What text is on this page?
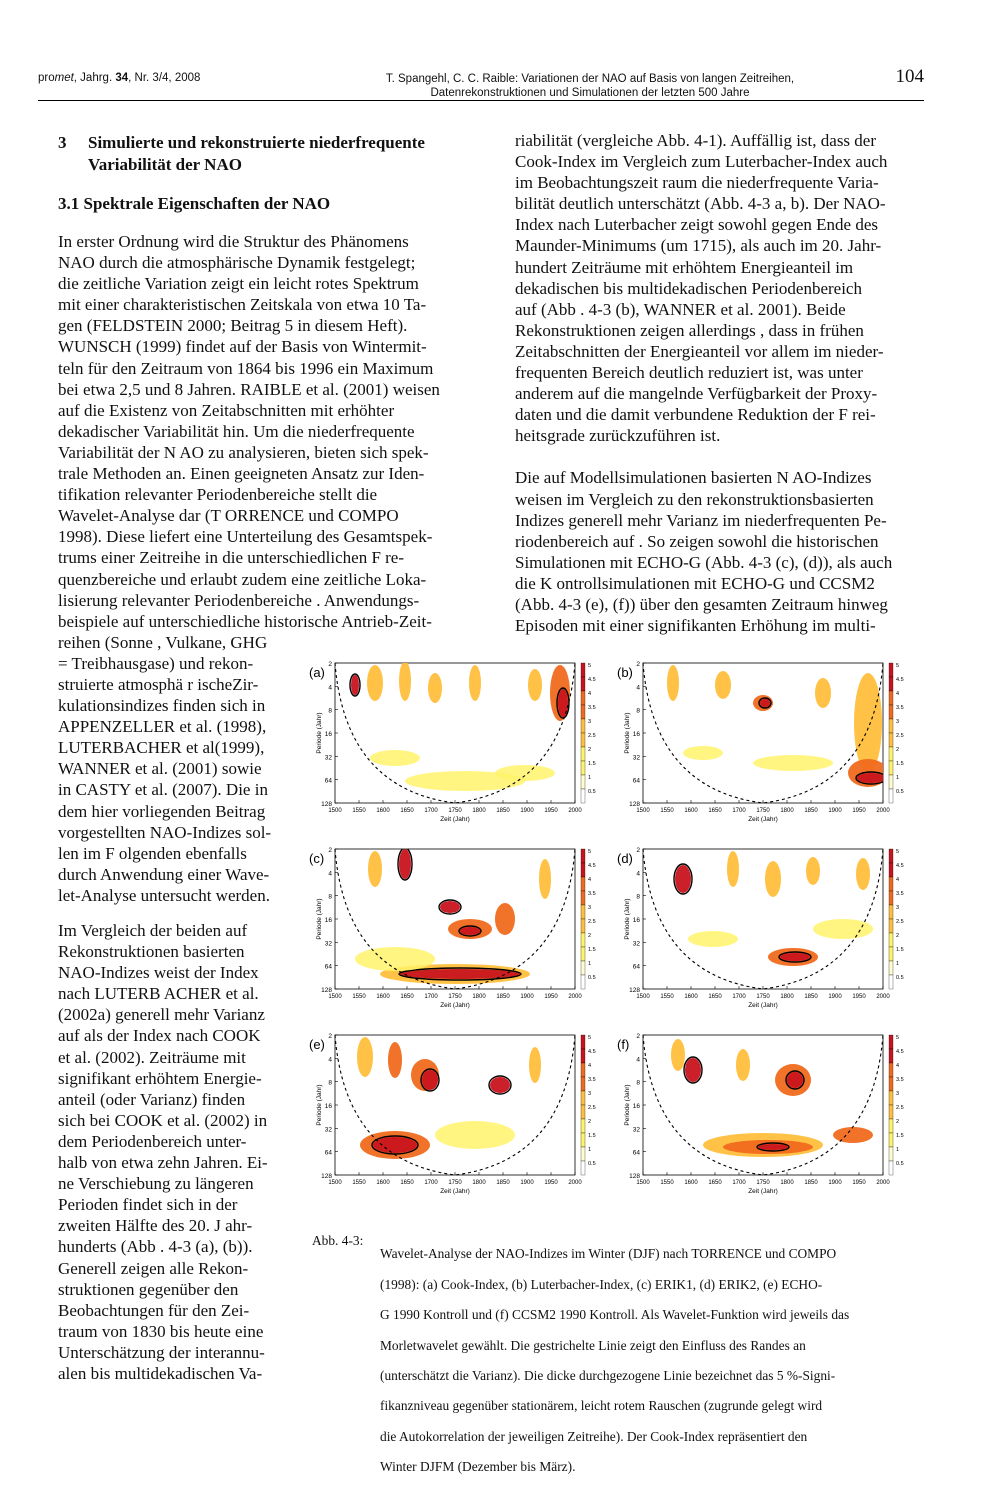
promet, Jahrg. 34, Nr. 3/4, 2008	T. Spangehl, C. C. Raible: Variationen der NAO auf Basis von langen Zeitreihen,
Datenrekonstruktionen und Simulationen der letzten 500 Jahre
104
3 Simulierte und rekonstruierte niederfrequente
Variabilität der NAO
3.1 Spektrale Eigenschaften der NAO

In erster Ordnung wird die Struktur des Phänomens

NAO durch die atmosphärische Dynamik festgelegt;

die zeitliche Variation zeigt ein leicht rotes Spektrum

mit einer charakteristischen Zeitskala von etwa 10 Ta-

gen (FELDSTEIN 2000; Beitrag 5 in diesem Heft).

WUNSCH (1999) findet auf der Basis von Wintermit-

teln für den Zeitraum von 1864 bis 1996 ein Maximum

bei etwa 2,5 und 8 Jahren. RAIBLE et al. (2001) weisen

auf die Existenz von Zeitabschnitten mit erhöhter

dekadischer Variabilität hin. Um die niederfrequente

Variabilität der N AO zu analysieren, bieten sich spek-

trale Methoden an. Einen geeigneten Ansatz zur Iden-

tifikation relevanter Periodenbereiche stellt die

Wavelet-Analyse dar (T ORRENCE und COMPO

1998). Diese liefert eine Unterteilung des Gesamtspek-

trums einer Zeitreihe in die unterschiedlichen F re-

quenzbereiche und erlaubt zudem eine zeitliche Loka-

lisierung relevanter Periodenbereiche . Anwendungs-

beispiele auf unterschiedliche historische Antrieb-Zeit-

reihen (Sonne , Vulkane, GHG

= Treibhausgase) und rekon-

struierte atmosphä r ischeZir-

kulationsindizes finden sich in

APPENZELLER et al. (1998),

LUTERBACHER et al(1999),

WANNER et al. (2001) sowie

in CASTY et al. (2007). Die in

dem hier vorliegenden Beitrag

vorgestellten NAO-Indizes sol-

len im F olgenden ebenfalls

durch Anwendung einer Wave-

let-Analyse untersucht werden.

Im Vergleich der beiden auf

Rekonstruktionen basierten

NAO-Indizes weist der Index

nach LUTERB ACHER et al.

(2002a) generell mehr Varianz

auf als der Index nach COOK

et al. (2002). Zeiträume mit

signifikant erhöhtem Energie-

anteil (oder Varianz) finden

sich bei COOK et al. (2002) in

dem Periodenbereich unter-

halb von etwa zehn Jahren. Ei-

ne Verschiebung zu längeren

Perioden findet sich in der

zweiten Hälfte des 20. J ahr-

hunderts (Abb . 4-3 (a), (b)).

Generell zeigen alle Rekon-

struktionen gegenüber den

Beobachtungen für den Zei-

traum von 1830 bis heute eine

Unterschätzung der interannu-

alen bis multidekadischen Va-

riabilität (vergleiche Abb. 4-1). Auffällig ist, dass der

Cook-Index im Vergleich zum Luterbacher-Index auch

im Beobachtungszeit raum die niederfrequente Varia-

bilität deutlich unterschätzt (Abb. 4-3 a, b). Der NAO-

Index nach Luterbacher zeigt sowohl gegen Ende des

Maunder-Minimums (um 1715), als auch im 20. Jahr-

hundert Zeiträume mit erhöhtem Energieanteil im

dekadischen bis multidekadischen Periodenbereich

auf (Abb . 4-3 (b), WANNER et al. 2001). Beide

Rekonstruktionen zeigen allerdings , dass in frühen

Zeitabschnitten der Energieanteil vor allem im nieder-

frequenten Bereich deutlich reduziert ist, was unter

anderem auf die mangelnde Verfügbarkeit der Proxy-

daten und die damit verbundene Reduktion der F rei-

heitsgrade zurückzuführen ist.

Die auf Modellsimulationen basierten N AO-Indizes

weisen im Vergleich zu den rekonstruktionsbasierten

Indizes generell mehr Varianz im niederfrequenten Pe-

riodenbereich auf . So zeigen sowohl die historischen

Simulationen mit ECHO-G (Abb. 4-3 (c), (d)), als auch

die K ontrollsimulationen mit ECHO-G und CCSM2

(Abb. 4-3 (e), (f)) über den gesamten Zeitraum hinweg

Episoden mit einer signifikanten Erhöhung im multi-

(a)
2
4
8
16
32
64
128
Periode (Jahr)
1500 1550 1600 1650 1700 1750 1800 1850 1900 1950 2000
Zeit (Jahr)
5
4.5
4
3.5
3
2.5
2
1.5
1
0.5
(b)
2
4
8
16
32
64
128
Periode (Jahr)
1500 1550 1600 1650 1700 1750 1800 1850 1900 1950 2000
Zeit (Jahr)
5
4.5
4
3.5
3
2.5
2
1.5
1
0.5
(c)
2
4
8
16
32
64
128
Periode (Jahr)
1500 1550 1600 1650 1700 1750 1800 1850 1900 1950 2000
Zeit (Jahr)
5
4.5
4
3.5
3
2.5
2
1.5
1
0.5
(d)
2
4
8
16
32
64
128
Periode (Jahr)
1500 1550 1600 1650 1700 1750 1800 1850 1900 1950 2000
Zeit (Jahr)
5
4.5
4
3.5
3
2.5
2
1.5
1
0.5
(e)
2
4
8
16
32
64
128
Periode (Jahr)
1500 1550 1600 1650 1700 1750 1800 1850 1900 1950 2000
Zeit (Jahr)
5
4.5
4
3.5
3
2.5
2
1.5
1
0.5
(f)
2
4
8
16
32
64
128
Periode (Jahr)
1500 1550 1600 1650 1700 1750 1800 1850 1900 1950 2000
Zeit (Jahr)
5
4.5
4
3.5
3
2.5
2
1.5
1
0.5
Abb. 4-3:

Wavelet-Analyse der NAO-Indizes im Winter (DJF) nach TORRENCE und COMPO

(1998): (a) Cook-Index, (b) Luterbacher-Index, (c) ERIK1, (d) ERIK2, (e) ECHO-

G 1990 Kontroll und (f) CCSM2 1990 Kontroll. Als Wavelet-Funktion wird jeweils das

Morletwavelet gewählt. Die gestrichelte Linie zeigt den Einfluss des Randes an

(unterschätzt die Varianz). Die dicke durchgezogene Linie bezeichnet das 5 %-Signi-

fikanzniveau gegenüber stationärem, leicht rotem Rauschen (zugrunde gelegt wird

die Autokorrelation der jeweiligen Zeitreihe). Der Cook-Index repräsentiert den

Winter DJFM (Dezember bis März).
